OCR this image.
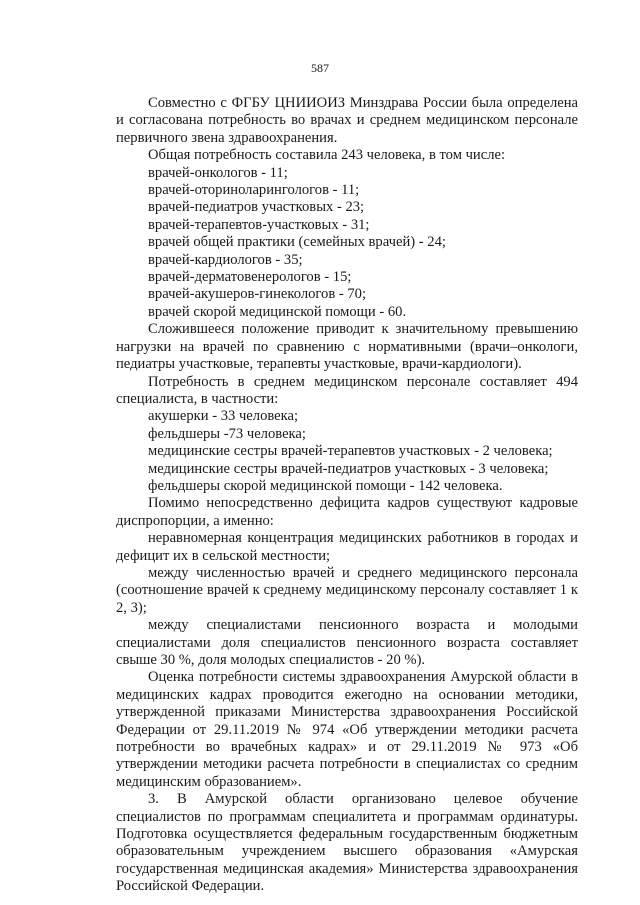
587

Совместно с ФГБУ ЦНИИОИЗ Минздрава России была определена и согласована потребность во врачах и среднем медицинском персонале первичного звена здравоохранения.

Общая потребность составила 243 человека, в том числе:

врачей-онкологов - 11;

врачей-оториноларингологов - 11;

врачей-педиатров участковых - 23;

врачей-терапевтов-участковых - 31;

врачей общей практики (семейных врачей) - 24;

врачей-кардиологов - 35;

врачей-дерматовенерологов - 15;

врачей-акушеров-гинекологов - 70;

врачей скорой медицинской помощи - 60.

Сложившееся положение приводит к значительному превышению нагрузки на врачей по сравнению с нормативными (врачи–онкологи, педиатры участковые, терапевты участковые, врачи-кардиологи).

Потребность в среднем медицинском персонале составляет 494 специалиста, в частности:

акушерки - 33 человека;

фельдшеры -73 человека;

медицинские сестры врачей-терапевтов участковых - 2 человека;

медицинские сестры врачей-педиатров участковых - 3 человека;

фельдшеры скорой медицинской помощи - 142 человека.

Помимо непосредственно дефицита кадров существуют кадровые диспропорции, а именно:

неравномерная концентрация медицинских работников в городах и дефицит их в сельской местности;

между численностью врачей и среднего медицинского персонала (соотношение врачей к среднему медицинскому персоналу составляет 1 к 2, 3);

между специалистами пенсионного возраста и молодыми специалистами доля специалистов пенсионного возраста составляет свыше 30 %, доля молодых специалистов - 20 %).

Оценка потребности системы здравоохранения Амурской области в медицинских кадрах проводится ежегодно на основании методики, утвержденной приказами Министерства здравоохранения Российской Федерации от 29.11.2019 № 974 «Об утверждении методики расчета потребности во врачебных кадрах» и от 29.11.2019 № 973 «Об утверждении методики расчета потребности в специалистах со средним медицинским образованием».

3. В Амурской области организовано целевое обучение специалистов по программам специалитета и программам ординатуры. Подготовка осуществляется федеральным государственным бюджетным образовательным учреждением высшего образования «Амурская государственная медицинская академия» Министерства здравоохранения Российской Федерации.
